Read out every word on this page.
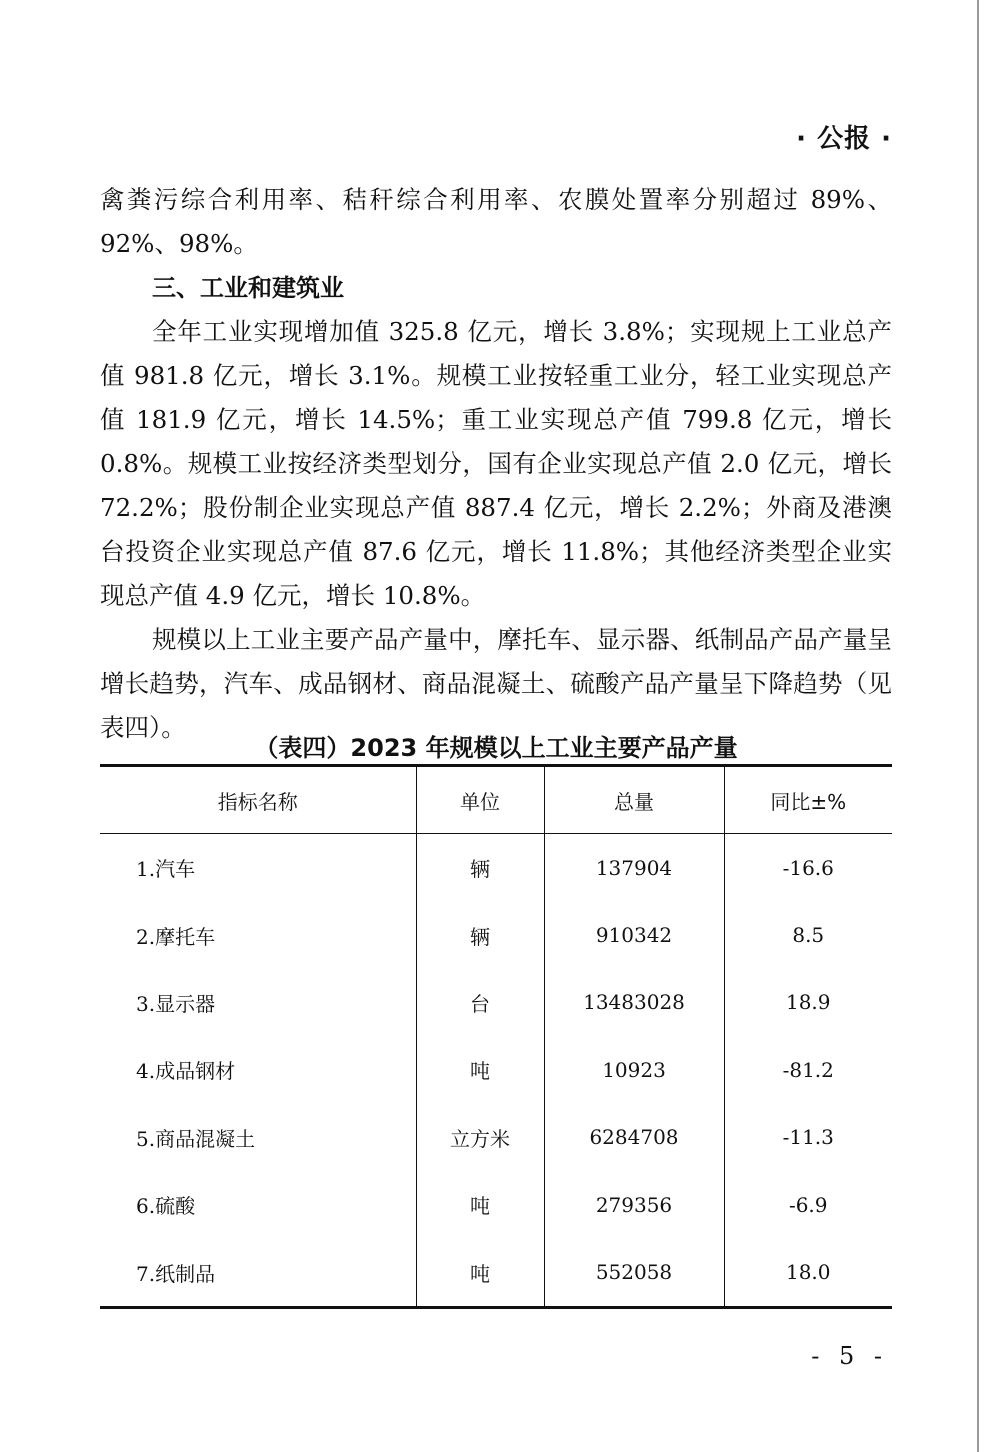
· 公报 ·

禽粪污综合利用率、秸秆综合利用率、农膜处置率分别超过 89%、92%、98%。

三、工业和建筑业

全年工业实现增加值 325.8 亿元，增长 3.8%；实现规上工业总产值 981.8 亿元，增长 3.1%。规模工业按轻重工业分，轻工业实现总产值 181.9 亿元，增长 14.5%；重工业实现总产值 799.8 亿元，增长 0.8%。规模工业按经济类型划分，国有企业实现总产值 2.0 亿元，增长 72.2%；股份制企业实现总产值 887.4 亿元，增长 2.2%；外商及港澳台投资企业实现总产值 87.6 亿元，增长 11.8%；其他经济类型企业实现总产值 4.9 亿元，增长 10.8%。

规模以上工业主要产品产量中，摩托车、显示器、纸制品产品产量呈增长趋势，汽车、成品钢材、商品混凝土、硫酸产品产量呈下降趋势（见表四）。

（表四）2023 年规模以上工业主要产品产量
指标名称	单位	总量	同比±%
1.汽车	辆	137904	-16.6
2.摩托车	辆	910342	8.5
3.显示器	台	13483028	18.9
4.成品钢材	吨	10923	-81.2
5.商品混凝土	立方米	6284708	-11.3
6.硫酸	吨	279356	-6.9
7.纸制品	吨	552058	18.0
- 5 -
